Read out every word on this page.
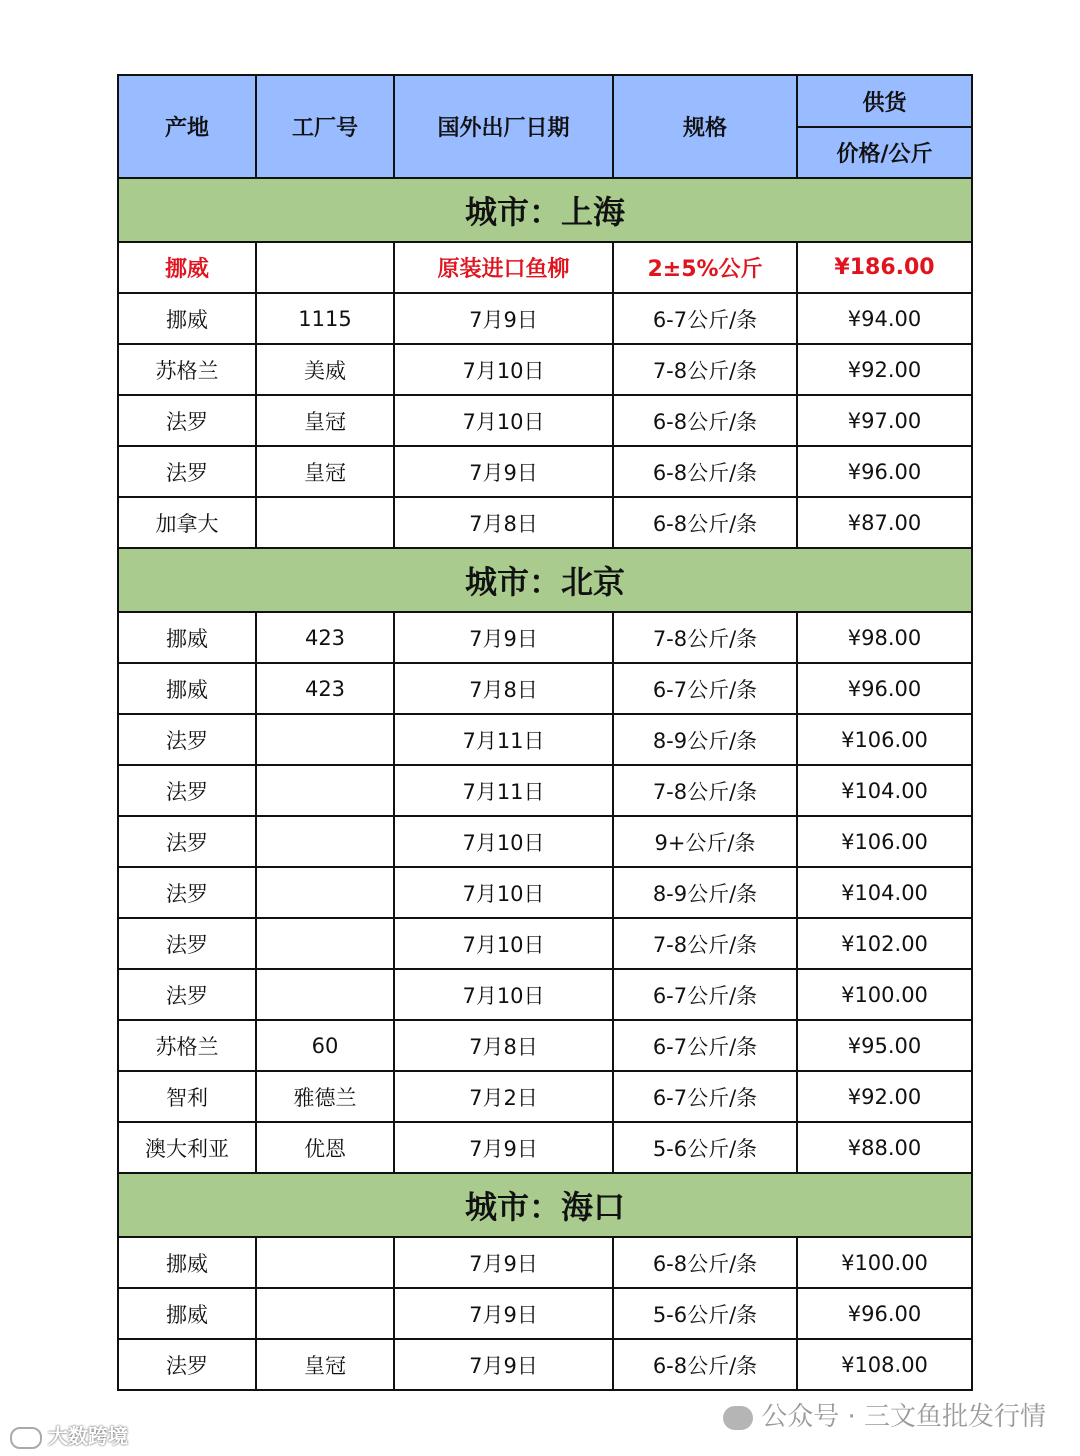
产地	工厂号	国外出厂日期	规格	供货
				价格/公斤
城市：上海				
挪威		原装进口鱼柳	2±5%公斤	¥186.00
挪威	1115	7月9日	6-7公斤/条	¥94.00
苏格兰	美威	7月10日	7-8公斤/条	¥92.00
法罗	皇冠	7月10日	6-8公斤/条	¥97.00
法罗	皇冠	7月9日	6-8公斤/条	¥96.00
加拿大		7月8日	6-8公斤/条	¥87.00
城市：北京				
挪威	423	7月9日	7-8公斤/条	¥98.00
挪威	423	7月8日	6-7公斤/条	¥96.00
法罗		7月11日	8-9公斤/条	¥106.00
法罗		7月11日	7-8公斤/条	¥104.00
法罗		7月10日	9+公斤/条	¥106.00
法罗		7月10日	8-9公斤/条	¥104.00
法罗		7月10日	7-8公斤/条	¥102.00
法罗		7月10日	6-7公斤/条	¥100.00
苏格兰	60	7月8日	6-7公斤/条	¥95.00
智利	雅德兰	7月2日	6-7公斤/条	¥92.00
澳大利亚	优恩	7月9日	5-6公斤/条	¥88.00
城市：海口				
挪威		7月9日	6-8公斤/条	¥100.00
挪威		7月9日	5-6公斤/条	¥96.00
法罗	皇冠	7月9日	6-8公斤/条	¥108.00
大数跨境
公众号 · 三文鱼批发行情
